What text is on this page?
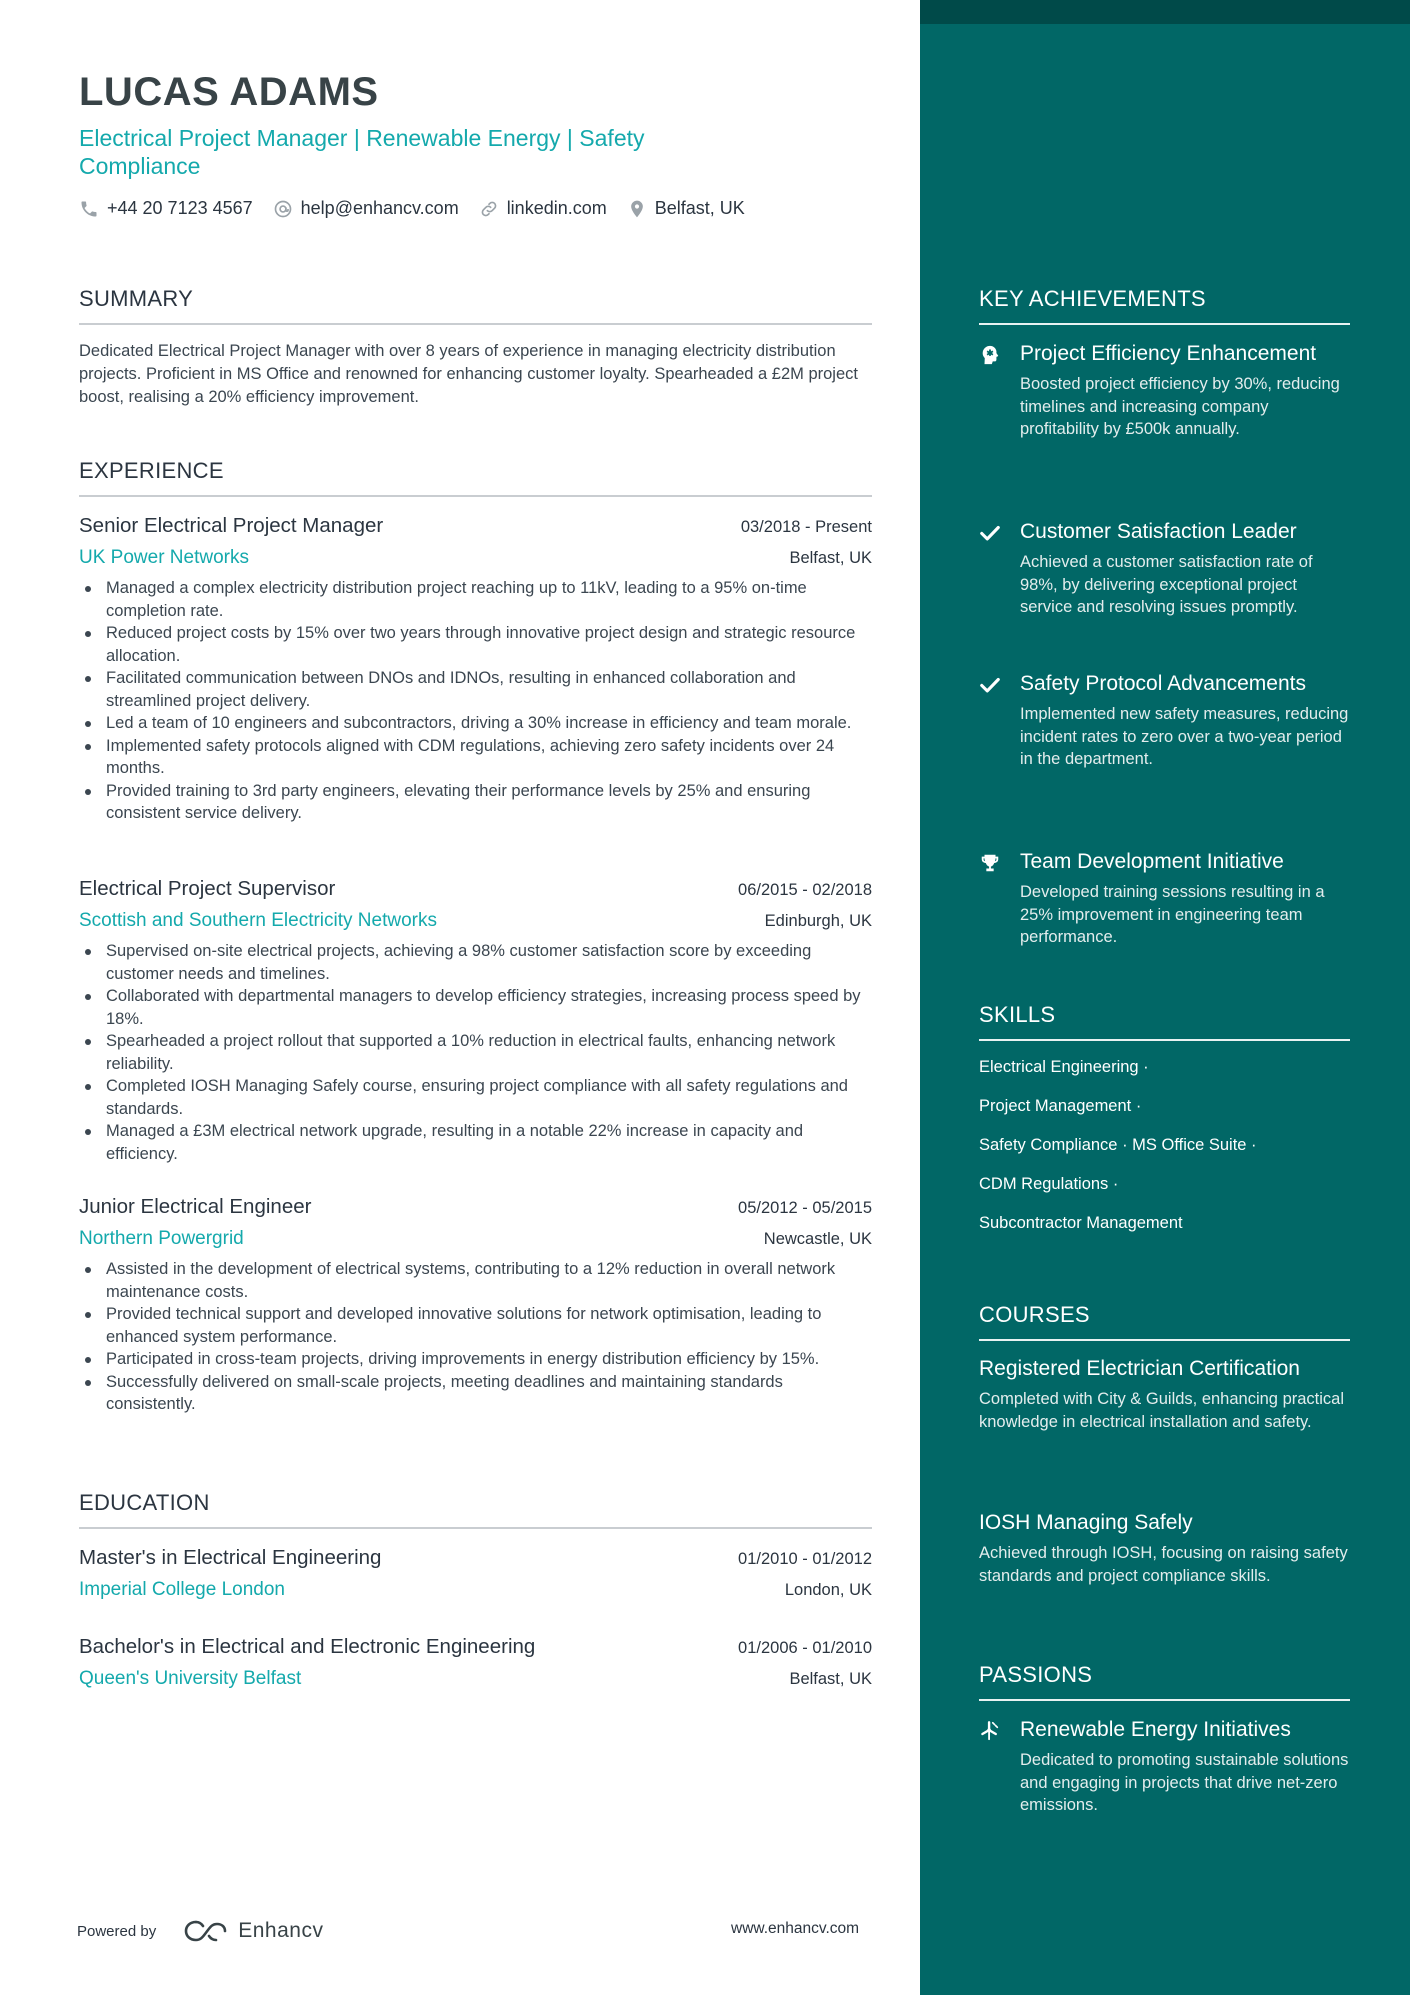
LUCAS ADAMS
Electrical Project Manager | Renewable Energy | Safety Compliance
+44 20 7123 4567	help@enhancv.com	linkedin.com	Belfast, UK
SUMMARY
Dedicated Electrical Project Manager with over 8 years of experience in managing electricity distribution projects. Proficient in MS Office and renowned for enhancing customer loyalty. Spearheaded a £2M project boost, realising a 20% efficiency improvement.
EXPERIENCE
Senior Electrical Project Manager	03/2018 - Present
UK Power Networks	Belfast, UK
Managed a complex electricity distribution project reaching up to 11kV, leading to a 95% on-time completion rate.
Reduced project costs by 15% over two years through innovative project design and strategic resource allocation.
Facilitated communication between DNOs and IDNOs, resulting in enhanced collaboration and streamlined project delivery.
Led a team of 10 engineers and subcontractors, driving a 30% increase in efficiency and team morale.
Implemented safety protocols aligned with CDM regulations, achieving zero safety incidents over 24 months.
Provided training to 3rd party engineers, elevating their performance levels by 25% and ensuring consistent service delivery.
Electrical Project Supervisor	06/2015 - 02/2018
Scottish and Southern Electricity Networks	Edinburgh, UK
Supervised on-site electrical projects, achieving a 98% customer satisfaction score by exceeding customer needs and timelines.
Collaborated with departmental managers to develop efficiency strategies, increasing process speed by 18%.
Spearheaded a project rollout that supported a 10% reduction in electrical faults, enhancing network reliability.
Completed IOSH Managing Safely course, ensuring project compliance with all safety regulations and standards.
Managed a £3M electrical network upgrade, resulting in a notable 22% increase in capacity and efficiency.
Junior Electrical Engineer	05/2012 - 05/2015
Northern Powergrid	Newcastle, UK
Assisted in the development of electrical systems, contributing to a 12% reduction in overall network maintenance costs.
Provided technical support and developed innovative solutions for network optimisation, leading to enhanced system performance.
Participated in cross-team projects, driving improvements in energy distribution efficiency by 15%.
Successfully delivered on small-scale projects, meeting deadlines and maintaining standards consistently.
EDUCATION
Master's in Electrical Engineering	01/2010 - 01/2012
Imperial College London	London, UK
Bachelor's in Electrical and Electronic Engineering	01/2006 - 01/2010
Queen's University Belfast	Belfast, UK
Powered by	Enhancv	www.enhancv.com
KEY ACHIEVEMENTS
Project Efficiency Enhancement
Boosted project efficiency by 30%, reducing timelines and increasing company profitability by £500k annually.
Customer Satisfaction Leader
Achieved a customer satisfaction rate of 98%, by delivering exceptional project service and resolving issues promptly.
Safety Protocol Advancements
Implemented new safety measures, reducing incident rates to zero over a two-year period in the department.
Team Development Initiative
Developed training sessions resulting in a 25% improvement in engineering team performance.
SKILLS
Electrical Engineering ·
Project Management ·
Safety Compliance · MS Office Suite ·
CDM Regulations ·
Subcontractor Management
COURSES
Registered Electrician Certification
Completed with City & Guilds, enhancing practical knowledge in electrical installation and safety.
IOSH Managing Safely
Achieved through IOSH, focusing on raising safety standards and project compliance skills.
PASSIONS
Renewable Energy Initiatives
Dedicated to promoting sustainable solutions and engaging in projects that drive net-zero emissions.
